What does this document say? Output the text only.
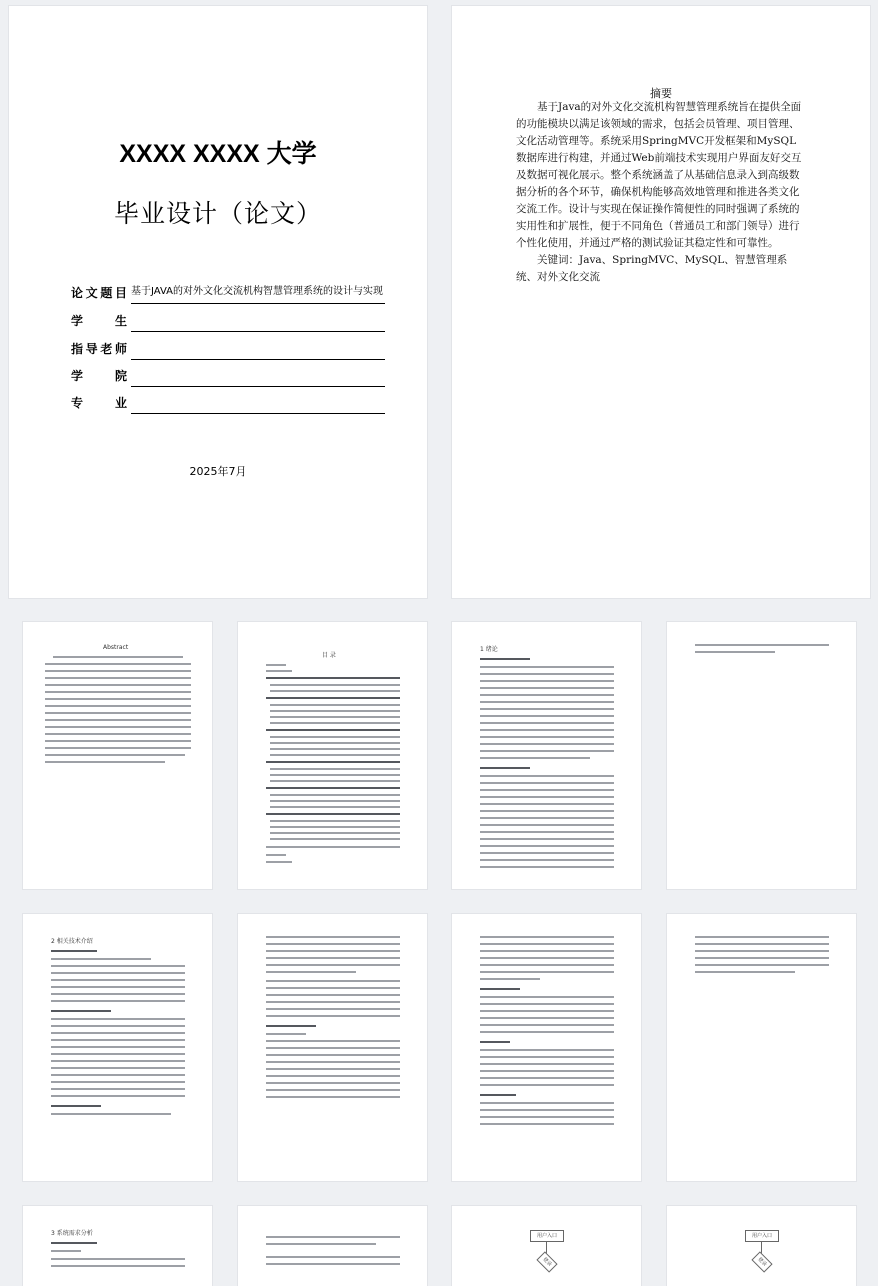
XXXX XXXX 大学
毕业设计（论文）
论文题目 基于JAVA的对外文化交流机构智慧管理系统的设计与实现
学生
指导老师
学院
专业
2025年7月
摘要

基于Java的对外文化交流机构智慧管理系统旨在提供全面的功能模块以满足该领域的需求，包括会员管理、项目管理、文化活动管理等。系统采用SpringMVC开发框架和MySQL数据库进行构建，并通过Web前端技术实现用户界面友好交互及数据可视化展示。整个系统涵盖了从基础信息录入到高级数据分析的各个环节，确保机构能够高效地管理和推进各类文化交流工作。设计与实现在保证操作简便性的同时强调了系统的实用性和扩展性，便于不同角色（普通员工和部门领导）进行个性化使用，并通过严格的测试验证其稳定性和可靠性。

关键词：Java、SpringMVC、MySQL、智慧管理系统、对外文化交流

Abstract
目 录
1 绪论
2 相关技术介绍
3 系统需求分析	用户入口
登录
用户入口
登录
